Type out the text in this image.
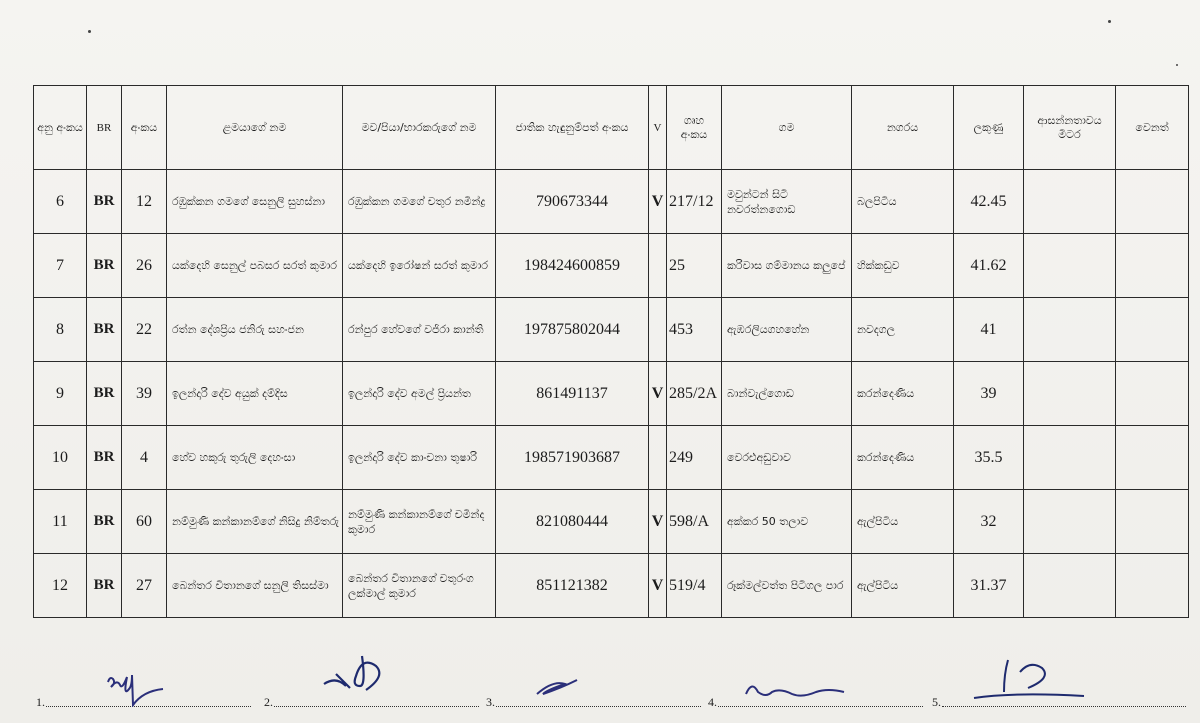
අනු අංකය	BR	අංකය	ළමයාගේ නම	මව/පියා/භාරකරුගේ නම	ජාතික හැඳුනුම්පත් අංකය	V	ගෘහ අංකය	ගම	නගරය	ලකුණු	ආසන්නතාවය මීටර	වෙනත්
6	BR	12	රඹුක්කන ගමගේ සෙනුලි සුහස්නා	රඹුක්කන ගමගේ චතුර නමින්ද්‍ර	790673344	V	217/12	මවුන්ටන් සිටි නවරත්නගොඩ	බලපිටිය	42.45		
7	BR	26	යක්දෙහි සෙනුල් පබසර සරත් කුමාර	යක්දෙහි ඉරෝෂන් සරත් කුමාර	198424600859		25	කරිවාස ගම්මානය කලුපේ	හික්කඩුව	41.62		
8	BR	22	රත්න දේශප්‍රිය ජනිරු සහංජන	රන්පුර හේවගේ වජිරා කාන්ති	197875802044		453	ඇඹරලියගහහේන	නවදගල	41		
9	BR	39	ඉලන්දාරි දේව අයුක් දම්දිස	ඉලන්දාරි දේව අමල් ප්‍රියන්ත	861491137	V	285/2A	බාන්වැල්ගොඩ	කරන්දෙණිය	39		
10	BR	4	හේව හකුරු තුරුලි දෙහංසා	ඉලන්දාරි දේව කාංචනා තුෂාරි	198571903687		249	වෙරළුඅඩුවාව	කරන්දෙණිය	35.5		
11	BR	60	නම්මුණි කන්කානම්ගේ නිසිදු නිම්තරු	නම්මුණි කන්කානම්ගේ චමින්ද කුමාර	821080444	V	598/A	අක්කර 50 තලාව	ඇල්පිටිය	32		
12	BR	27	බෙන්තර විතානගේ සනුලි තිසස්මා	බෙන්තර විතානගේ චතුරංග ලක්මාල් කුමාර	851121382	V	519/4	රූක්මල්වත්ත පිටිගල පාර	ඇල්පිටිය	31.37		
1.	2.	3.	4.	5.
